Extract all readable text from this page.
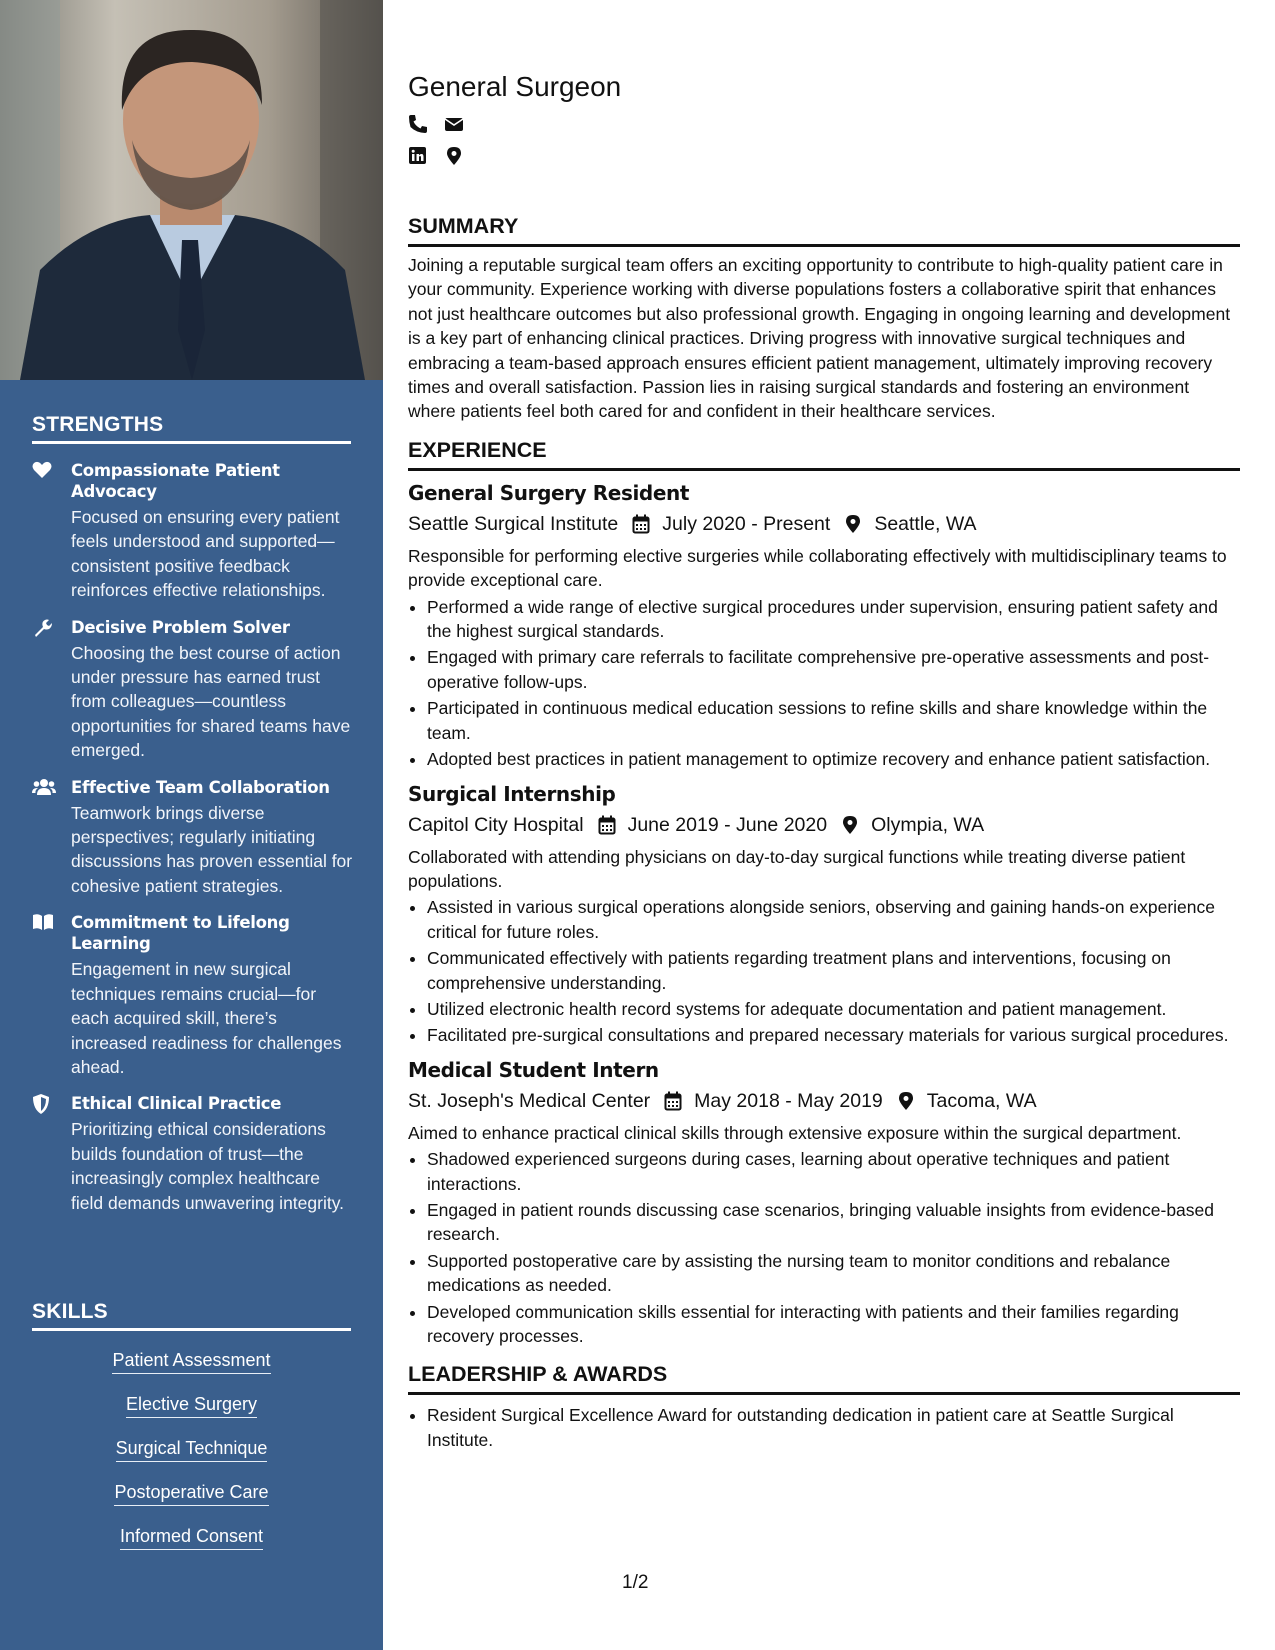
STRENGTHS
Compassionate Patient Advocacy
Focused on ensuring every patient feels understood and supported—consistent positive feedback reinforces effective relationships.
Decisive Problem Solver
Choosing the best course of action under pressure has earned trust from colleagues—countless opportunities for shared teams have emerged.
Effective Team Collaboration
Teamwork brings diverse perspectives; regularly initiating discussions has proven essential for cohesive patient strategies.
Commitment to Lifelong Learning
Engagement in new surgical techniques remains crucial—for each acquired skill, there’s increased readiness for challenges ahead.
Ethical Clinical Practice
Prioritizing ethical considerations builds foundation of trust—the increasingly complex healthcare field demands unwavering integrity.
SKILLS
Patient Assessment
Elective Surgery
Surgical Technique
Postoperative Care
Informed Consent
General Surgeon
SUMMARY

Joining a reputable surgical team offers an exciting opportunity to contribute to high-quality patient care in your community. Experience working with diverse populations fosters a collaborative spirit that enhances not just healthcare outcomes but also professional growth. Engaging in ongoing learning and development is a key part of enhancing clinical practices. Driving progress with innovative surgical techniques and embracing a team-based approach ensures efficient patient management, ultimately improving recovery times and overall satisfaction. Passion lies in raising surgical standards and fostering an environment where patients feel both cared for and confident in their healthcare services.

EXPERIENCE
General Surgery Resident
Seattle Surgical Institute July 2020 - Present Seattle, WA

Responsible for performing elective surgeries while collaborating effectively with multidisciplinary teams to provide exceptional care.

• Performed a wide range of elective surgical procedures under supervision, ensuring patient safety and the highest surgical standards.
• Engaged with primary care referrals to facilitate comprehensive pre-operative assessments and post-operative follow-ups.
• Participated in continuous medical education sessions to refine skills and share knowledge within the team.
• Adopted best practices in patient management to optimize recovery and enhance patient satisfaction.
Surgical Internship
Capitol City Hospital June 2019 - June 2020 Olympia, WA

Collaborated with attending physicians on day-to-day surgical functions while treating diverse patient populations.

• Assisted in various surgical operations alongside seniors, observing and gaining hands-on experience critical for future roles.
• Communicated effectively with patients regarding treatment plans and interventions, focusing on comprehensive understanding.
• Utilized electronic health record systems for adequate documentation and patient management.
• Facilitated pre-surgical consultations and prepared necessary materials for various surgical procedures.
Medical Student Intern
St. Joseph's Medical Center May 2018 - May 2019 Tacoma, WA

Aimed to enhance practical clinical skills through extensive exposure within the surgical department.

• Shadowed experienced surgeons during cases, learning about operative techniques and patient interactions.
• Engaged in patient rounds discussing case scenarios, bringing valuable insights from evidence-based research.
• Supported postoperative care by assisting the nursing team to monitor conditions and rebalance medications as needed.
• Developed communication skills essential for interacting with patients and their families regarding recovery processes.
LEADERSHIP & AWARDS
• Resident Surgical Excellence Award for outstanding dedication in patient care at Seattle Surgical Institute.
1/2
